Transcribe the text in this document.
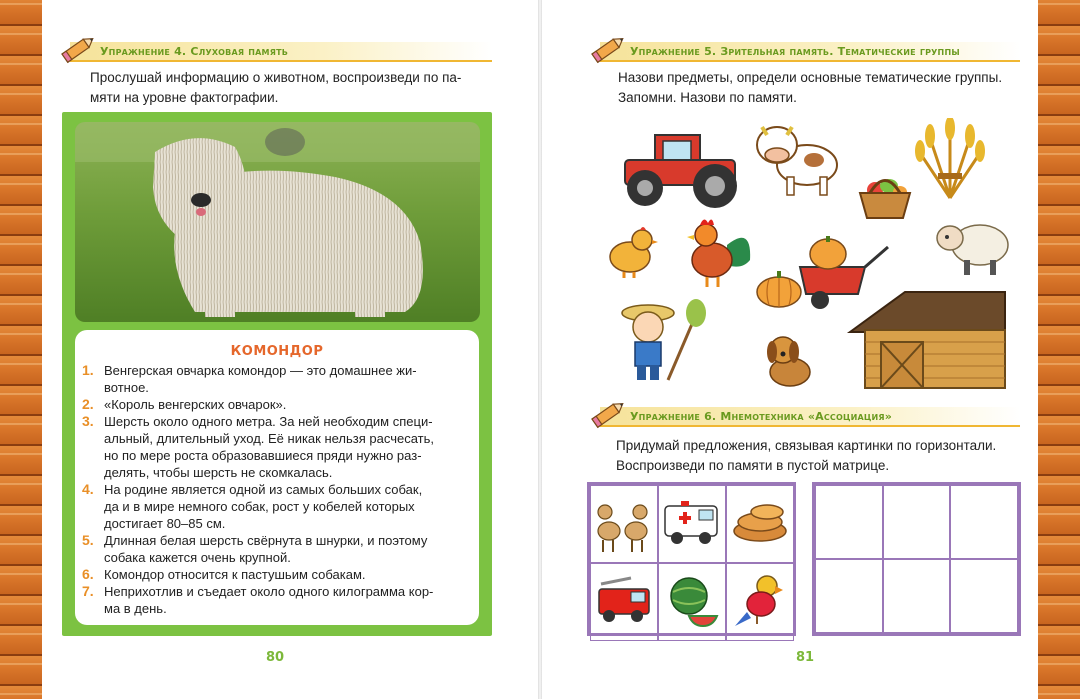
Упражнение 4. Слуховая память
Прослушай информацию о животном, воспроизведи по па-
мяти на уровне фактографии.
КОМОНДОР
1. Венгерская овчарка комондор — это домашнее жи-
вотное.
2. «Король венгерских овчарок».
3. Шерсть около одного метра. За ней необходим специ-
альный, длительный уход. Её никак нельзя расчесать,
но по мере роста образовавшиеся пряди нужно раз-
делять, чтобы шерсть не скомкалась.
4. На родине является одной из самых больших собак,
да и в мире немного собак, рост у кобелей которых
достигает 80–85 см.
5. Длинная белая шерсть свёрнута в шнурки, и поэтому
собака кажется очень крупной.
6. Комондор относится к пастушьим собакам.
7. Неприхотлив и съедает около одного килограмма кор-
ма в день.
80
Упражнение 5. Зрительная память. Тематические группы
Назови предметы, определи основные тематические группы.
Запомни. Назови по памяти.
Упражнение 6. Мнемотехника «Ассоциация»
Придумай предложения, связывая картинки по горизонтали.
Воспроизведи по памяти в пустой матрице.
81
